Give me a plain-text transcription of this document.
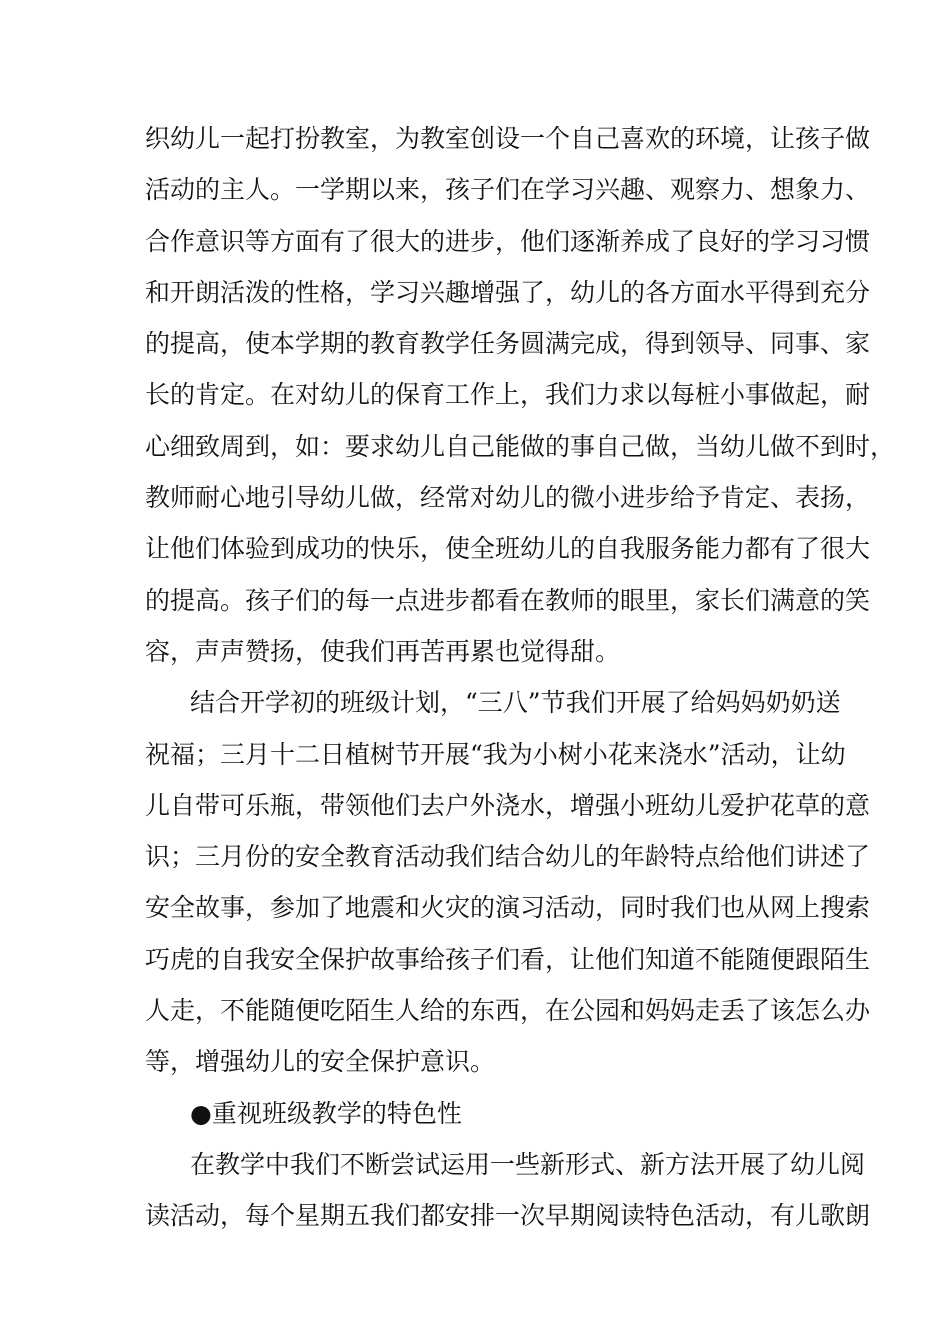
织幼儿一起打扮教室，为教室创设一个自己喜欢的环境，让孩子做
活动的主人。一学期以来，孩子们在学习兴趣、观察力、想象力、
合作意识等方面有了很大的进步，他们逐渐养成了良好的学习习惯
和开朗活泼的性格，学习兴趣增强了，幼儿的各方面水平得到充分
的提高，使本学期的教育教学任务圆满完成，得到领导、同事、家
长的肯定。在对幼儿的保育工作上，我们力求以每桩小事做起，耐
心细致周到，如：要求幼儿自己能做的事自己做，当幼儿做不到时，
教师耐心地引导幼儿做，经常对幼儿的微小进步给予肯定、表扬，
让他们体验到成功的快乐，使全班幼儿的自我服务能力都有了很大
的提高。孩子们的每一点进步都看在教师的眼里，家长们满意的笑
容，声声赞扬，使我们再苦再累也觉得甜。
结合开学初的班级计划，“三八”节我们开展了给妈妈奶奶送
祝福；三月十二日植树节开展“我为小树小花来浇水”活动，让幼
儿自带可乐瓶，带领他们去户外浇水，增强小班幼儿爱护花草的意
识；三月份的安全教育活动我们结合幼儿的年龄特点给他们讲述了
安全故事，参加了地震和火灾的演习活动，同时我们也从网上搜索
巧虎的自我安全保护故事给孩子们看，让他们知道不能随便跟陌生
人走，不能随便吃陌生人给的东西，在公园和妈妈走丢了该怎么办
等，增强幼儿的安全保护意识。
●重视班级教学的特色性
在教学中我们不断尝试运用一些新形式、新方法开展了幼儿阅
读活动，每个星期五我们都安排一次早期阅读特色活动，有儿歌朗
